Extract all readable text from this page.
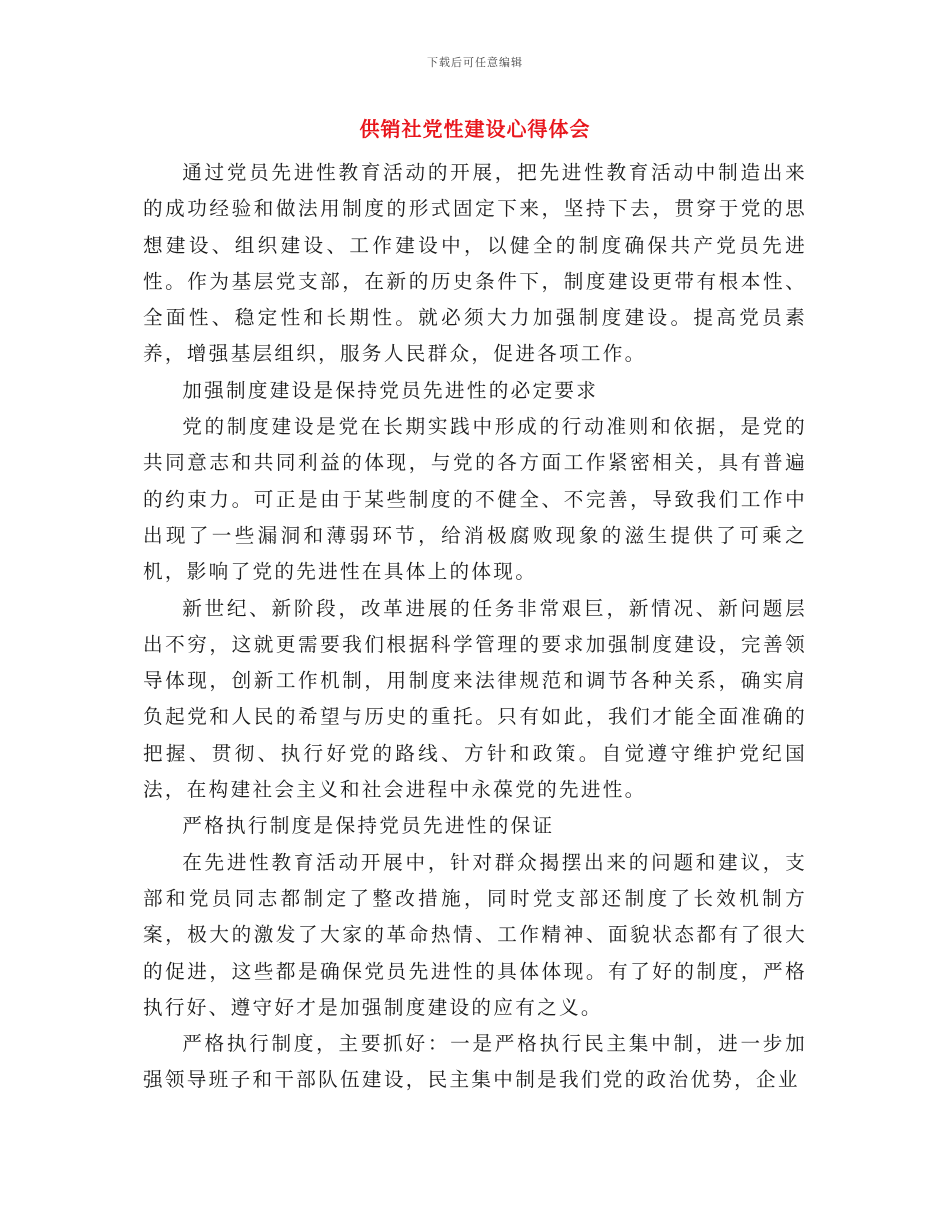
下载后可任意编辑
供销社党性建设心得体会

通过党员先进性教育活动的开展，把先进性教育活动中制造出来的成功经验和做法用制度的形式固定下来，坚持下去，贯穿于党的思想建设、组织建设、工作建设中，以健全的制度确保共产党员先进性。作为基层党支部，在新的历史条件下，制度建设更带有根本性、全面性、稳定性和长期性。就必须大力加强制度建设。提高党员素养，增强基层组织，服务人民群众，促进各项工作。

加强制度建设是保持党员先进性的必定要求

党的制度建设是党在长期实践中形成的行动准则和依据，是党的共同意志和共同利益的体现，与党的各方面工作紧密相关，具有普遍的约束力。可正是由于某些制度的不健全、不完善，导致我们工作中出现了一些漏洞和薄弱环节，给消极腐败现象的滋生提供了可乘之机，影响了党的先进性在具体上的体现。

新世纪、新阶段，改革进展的任务非常艰巨，新情况、新问题层出不穷，这就更需要我们根据科学管理的要求加强制度建设，完善领导体现，创新工作机制，用制度来法律规范和调节各种关系，确实肩负起党和人民的希望与历史的重托。只有如此，我们才能全面准确的把握、贯彻、执行好党的路线、方针和政策。自觉遵守维护党纪国法，在构建社会主义和社会进程中永葆党的先进性。

严格执行制度是保持党员先进性的保证

在先进性教育活动开展中，针对群众揭摆出来的问题和建议，支部和党员同志都制定了整改措施，同时党支部还制度了长效机制方案，极大的激发了大家的革命热情、工作精神、面貌状态都有了很大的促进，这些都是确保党员先进性的具体体现。有了好的制度，严格执行好、遵守好才是加强制度建设的应有之义。

严格执行制度，主要抓好：一是严格执行民主集中制，进一步加强领导班子和干部队伍建设，民主集中制是我们党的政治优势，企业
